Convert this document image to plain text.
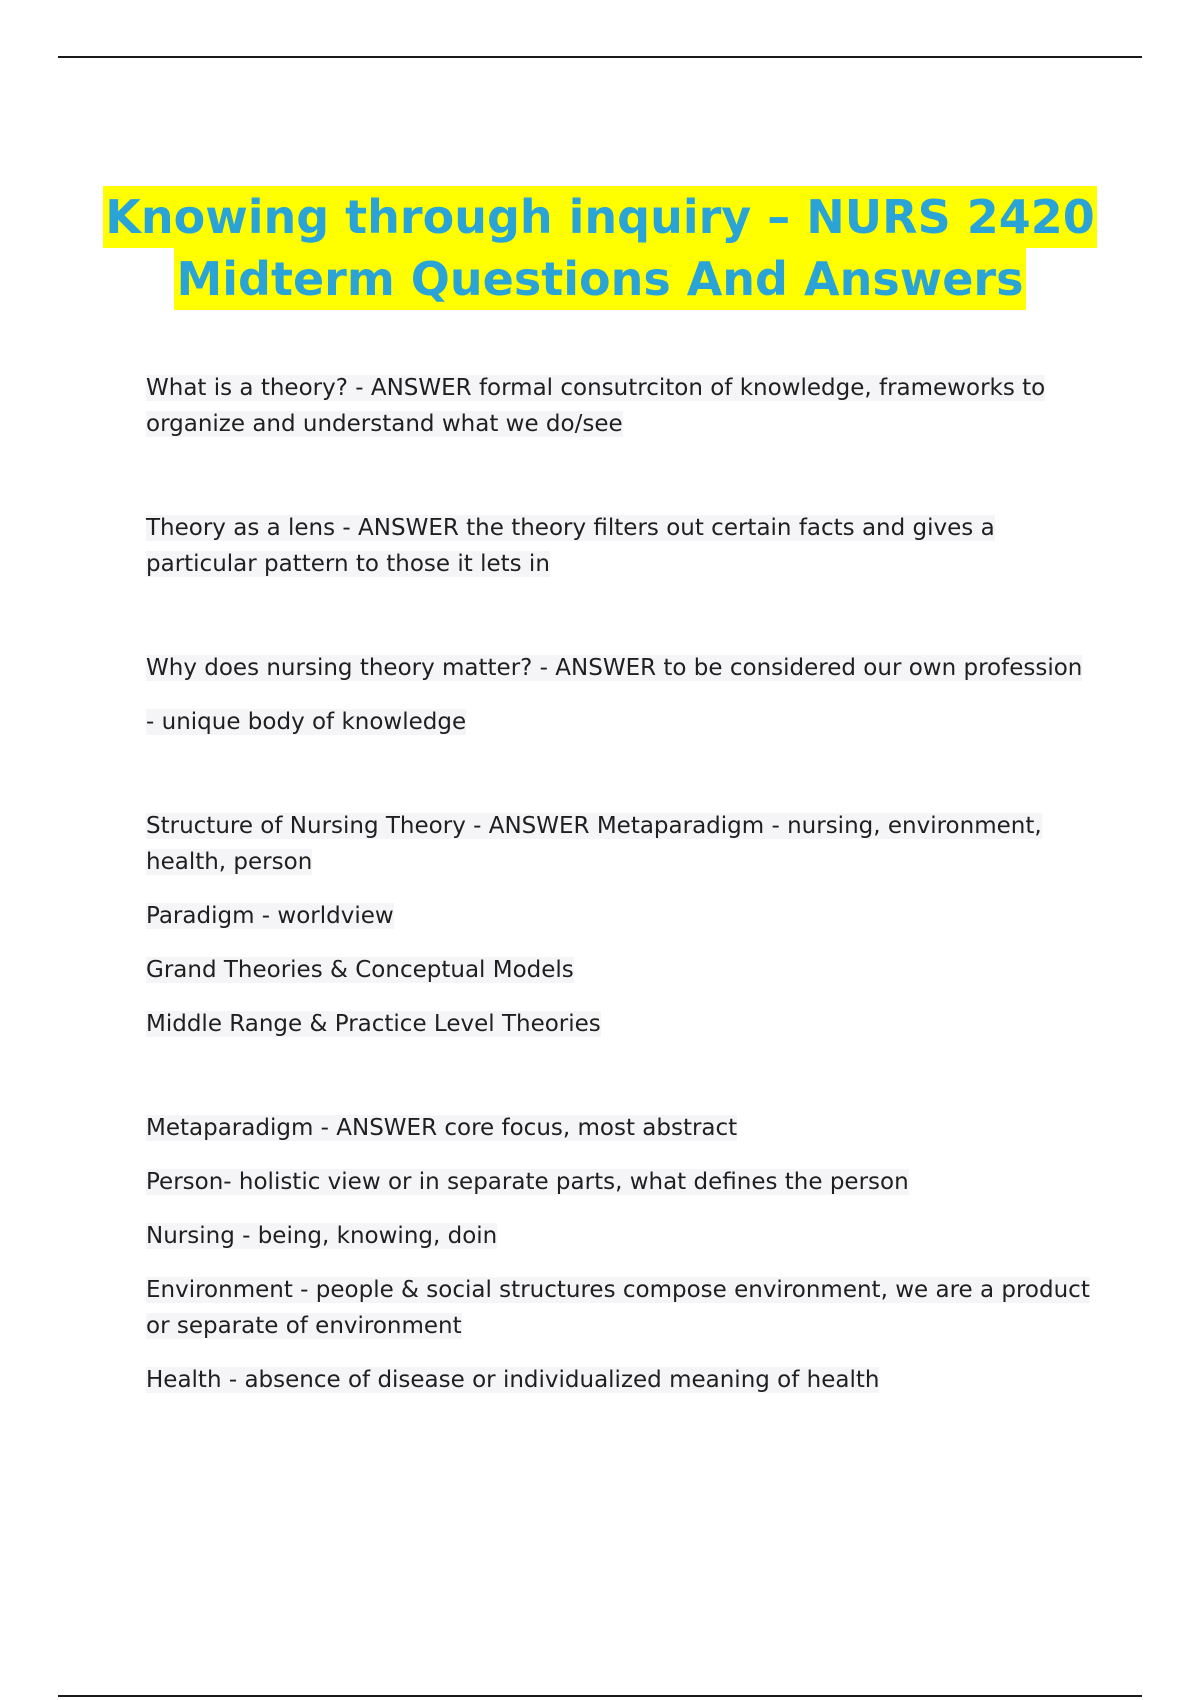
Knowing through inquiry – NURS 2420
Midterm Questions And Answers

What is a theory? - ANSWER formal consutrciton of knowledge, frameworks to organize and understand what we do/see

Theory as a lens - ANSWER the theory filters out certain facts and gives a particular pattern to those it lets in

Why does nursing theory matter? - ANSWER to be considered our own profession

- unique body of knowledge

Structure of Nursing Theory - ANSWER Metaparadigm - nursing, environment, health, person

Paradigm - worldview

Grand Theories & Conceptual Models

Middle Range & Practice Level Theories

Metaparadigm - ANSWER core focus, most abstract

Person- holistic view or in separate parts, what defines the person

Nursing - being, knowing, doin

Environment - people & social structures compose environment, we are a product or separate of environment

Health - absence of disease or individualized meaning of health
